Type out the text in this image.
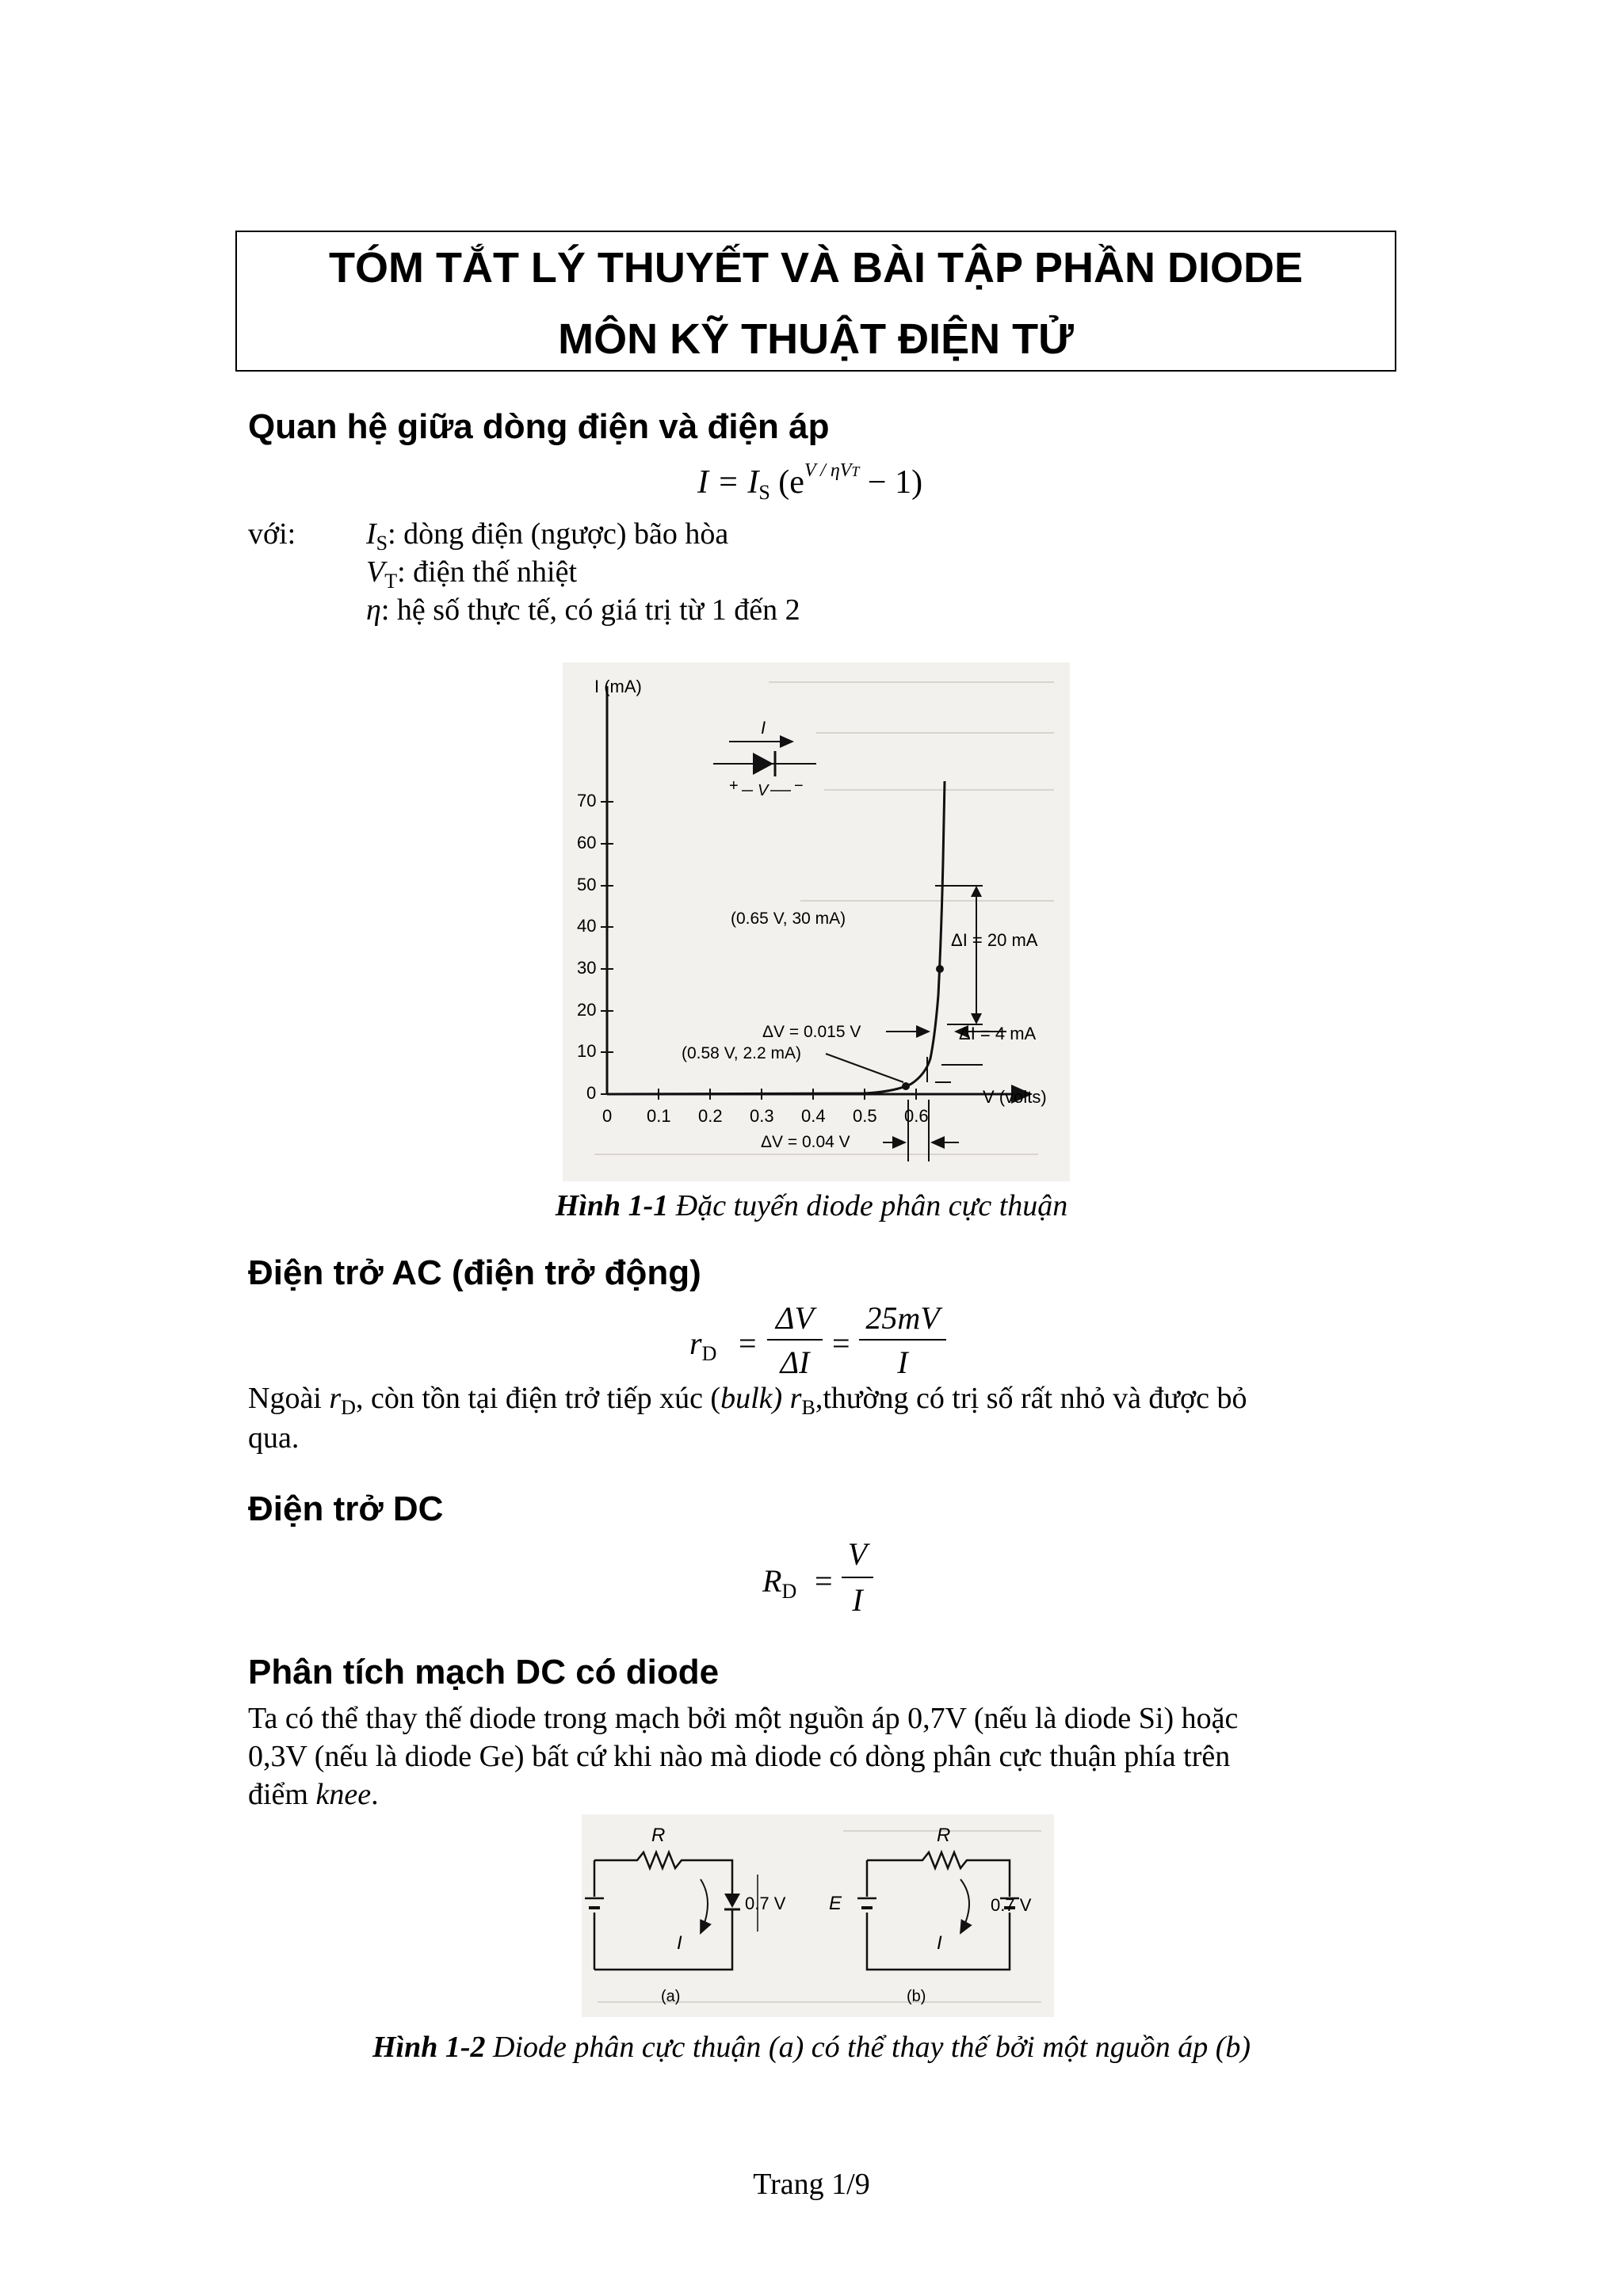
TÓM TẮT LÝ THUYẾT VÀ BÀI TẬP PHẦN DIODE
MÔN KỸ THUẬT ĐIỆN TỬ
Quan hệ giữa dòng điện và điện áp
$I = I_S$ $(e^{V / \eta VT} - 1)$
với: $I_S$: dòng điện (ngược) bão hòa
$V_T$: điện thế nhiệt
η: hệ số thực tế, có giá trị từ 1 đến 2
I (mA)
V (volts)
0
10
20
30
40
50
60
70
0 0.1 0.2 0.3 0.4 0.5 0.6
(0.65 V, 30 mA)
(0.58 V, 2.2 mA)
ΔI = 20 mA
ΔV = 0.015 V	ΔI = 4 mA
ΔV = 0.04 V
I
+ V −
Hình 1-1 Đặc tuyến diode phân cực thuận
Điện trở AC (điện trở động)
$r_D$ =
ΔV
ΔI
=
25mV
I
Ngoài $r_D$, còn tồn tại điện trở tiếp xúc (bulk) $r_B,thường$ có trị số rất nhỏ và được bỏ
qua.
Điện trở DC
$R_D$ =
V
I
Phân tích mạch DC có diode
Ta có thể thay thế diode trong mạch bởi một nguồn áp 0,7V (nếu là diode Si) hoặc
0,3V (nếu là diode Ge) bất cứ khi nào mà diode có dòng phân cực thuận phía trên
điểm knee.
R
I
0.7 V
(a)
R
E
I
0.7 V
(b)
Hình 1-2 Diode phân cực thuận (a) có thể thay thế bởi một nguồn áp (b)
Trang 1/9
